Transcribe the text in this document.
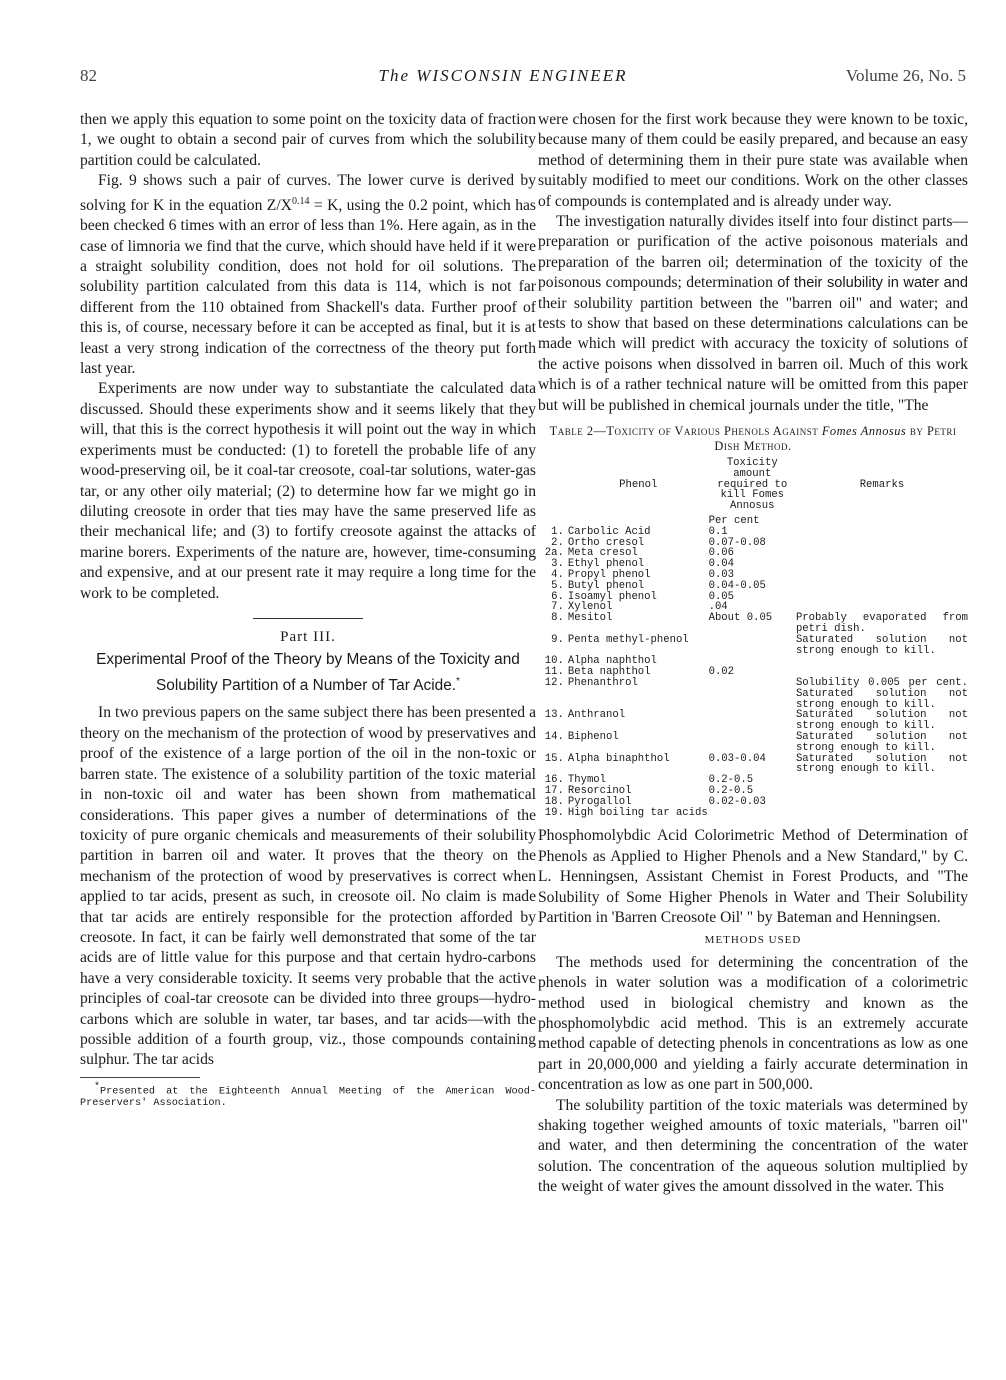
82	The WISCONSIN ENGINEER	Volume 26, No. 5

then we apply this equation to some point on the toxicity data of fraction 1, we ought to obtain a second pair of curves from which the solubility partition could be calculated.

Fig. 9 shows such a pair of curves. The lower curve is derived by solving for K in the equation $Z/X^{0.14} = K$, using the 0.2 point, which has been checked 6 times with an error of less than 1%. Here again, as in the case of limnoria we find that the curve, which should have held if it were a straight solubility condition, does not hold for oil solutions. The solubility partition calculated from this data is 114, which is not far different from the 110 obtained from Shackell's data. Further proof of this is, of course, necessary before it can be accepted as final, but it is at least a very strong indication of the correctness of the theory put forth last year.

Experiments are now under way to substantiate the calculated data discussed. Should these experiments show and it seems likely that they will, that this is the correct hypothesis it will point out the way in which experiments must be conducted: (1) to foretell the probable life of any wood-preserving oil, be it coal-tar creosote, coal-tar solutions, water-gas tar, or any other oily material; (2) to determine how far we might go in diluting creosote in order that ties may have the same preserved life as their mechanical life; and (3) to fortify creosote against the attacks of marine borers. Experiments of the nature are, however, time-consuming and expensive, and at our present rate it may require a long time for the work to be completed.

Part III.

Experimental Proof of the Theory by Means of the Toxicity and Solubility Partition of a Number of Tar Acide.*

In two previous papers on the same subject there has been presented a theory on the mechanism of the protection of wood by preservatives and proof of the existence of a large portion of the oil in the non-toxic or barren state. The existence of a solubility partition of the toxic material in non-toxic oil and water has been shown from mathematical considerations. This paper gives a number of determinations of the toxicity of pure organic chemicals and measurements of their solubility partition in barren oil and water. It proves that the theory on the mechanism of the protection of wood by preservatives is correct when applied to tar acids, present as such, in creosote oil. No claim is made that tar acids are entirely responsible for the protection afforded by creosote. In fact, it can be fairly well demonstrated that some of the tar acids are of little value for this purpose and that certain hydro-carbons have a very considerable toxicity. It seems very probable that the active principles of coal-tar creosote can be divided into three groups—hydro-carbons which are soluble in water, tar bases, and tar acids—with the possible addition of a fourth group, viz., those compounds containing sulphur. The tar acids

*Presented at the Eighteenth Annual Meeting of the American Wood-Preservers' Association.

were chosen for the first work because they were known to be toxic, because many of them could be easily prepared, and because an easy method of determining them in their pure state was available when suitably modified to meet our conditions. Work on the other classes of compounds is contemplated and is already under way.

The investigation naturally divides itself into four distinct parts—preparation or purification of the active poisonous materials and preparation of the barren oil; determination of the toxicity of the poisonous compounds; determination of their solubility in water and their solubility partition between the "barren oil" and water; and tests to show that based on these determinations calculations can be made which will predict with accuracy the toxicity of solutions of the active poisons when dissolved in barren oil. Much of this work which is of a rather technical nature will be omitted from this paper but will be published in chemical journals under the title, "The

Table 2—Toxicity of Various Phenols Against Fomes Annosus by Petri Dish Method.
	Phenol	Toxicity amount required to kill Fomes Annosus	Remarks
		Per cent	
1.	Carbolic Acid	0.1	
2.	Ortho cresol	0.07-0.08	
2a.	Meta cresol	0.06	
3.	Ethyl phenol	0.04	
4.	Propyl phenol	0.03	
5.	Butyl phenol	0.04-0.05	
6.	Isoamyl phenol	0.05	
7.	Xylenol	.04	
8.	Mesitol	About 0.05	Probably evaporated from petri dish.
9.	Penta methyl-phenol		Saturated solution not strong enough to kill.
10.	Alpha naphthol		
11.	Beta naphthol	0.02	
12.	Phenanthrol		Solubility 0.005 per cent. Saturated solution not strong enough to kill.
13.	Anthranol		Saturated solution not strong enough to kill.
14.	Biphenol		Saturated solution not strong enough to kill.
15.	Alpha binaphthol	0.03-0.04	Saturated solution not strong enough to kill.
16.	Thymol	0.2-0.5	
17.	Resorcinol	0.2-0.5	
18.	Pyrogallol	0.02-0.03	
19.	High boiling tar acids		

Phosphomolybdic Acid Colorimetric Method of Determination of Phenols as Applied to Higher Phenols and a New Standard," by C. L. Henningsen, Assistant Chemist in Forest Products, and "The Solubility of Some Higher Phenols in Water and Their Solubility Partition in 'Barren Creosote Oil' " by Bateman and Henningsen.

METHODS USED

The methods used for determining the concentration of the phenols in water solution was a modification of a colorimetric method used in biological chemistry and known as the phosphomolybdic acid method. This is an extremely accurate method capable of detecting phenols in concentrations as low as one part in 20,000,000 and yielding a fairly accurate determination in concentration as low as one part in 500,000.

The solubility partition of the toxic materials was determined by shaking together weighed amounts of toxic materials, "barren oil" and water, and then determining the concentration of the water solution. The concentration of the aqueous solution multiplied by the weight of water gives the amount dissolved in the water. This
